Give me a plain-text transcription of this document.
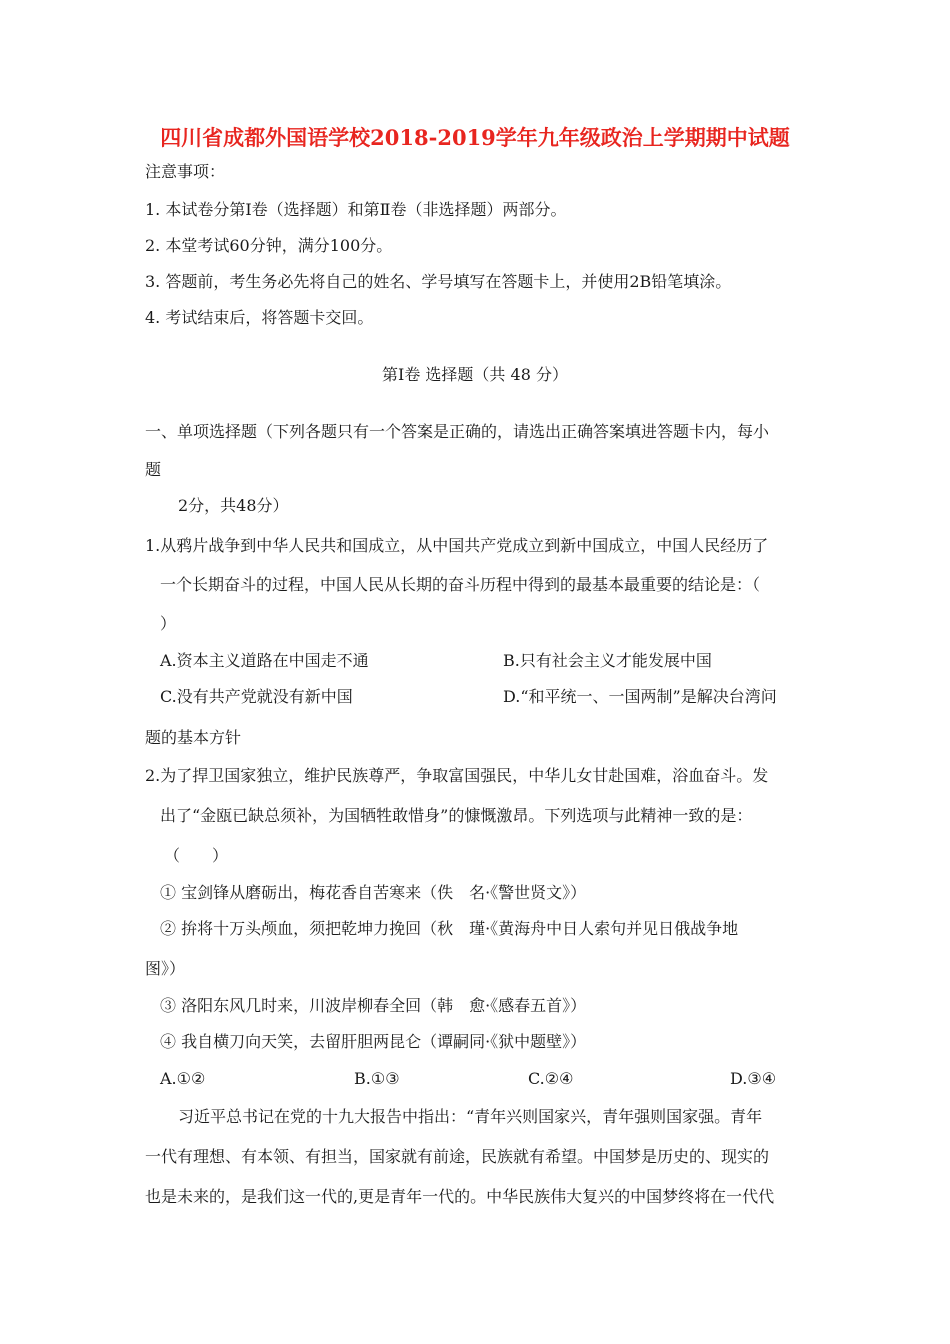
四川省成都外国语学校2018-2019学年九年级政治上学期期中试题
注意事项：
1. 本试卷分第Ⅰ卷（选择题）和第Ⅱ卷（非选择题）两部分。
2. 本堂考试60分钟，满分100分。
3. 答题前，考生务必先将自己的姓名、学号填写在答题卡上，并使用2B铅笔填涂。
4. 考试结束后，将答题卡交回。
第Ⅰ卷 选择题（共 48 分）
一、单项选择题（下列各题只有一个答案是正确的，请选出正确答案填进答题卡内，每小
题
2分，共48分）
1.从鸦片战争到中华人民共和国成立，从中国共产党成立到新中国成立，中国人民经历了
一个长期奋斗的过程，中国人民从长期的奋斗历程中得到的最基本最重要的结论是：（
）
A.资本主义道路在中国走不通	B.只有社会主义才能发展中国
C.没有共产党就没有新中国	D.“和平统一、一国两制”是解决台湾问
题的基本方针
2.为了捍卫国家独立，维护民族尊严，争取富国强民，中华儿女甘赴国难，浴血奋斗。发
出了“金瓯已缺总须补，为国牺牲敢惜身”的慷慨激昂。下列选项与此精神一致的是：
（　　）
① 宝剑锋从磨砺出，梅花香自苦寒来（佚　名·《警世贤文》）
② 拚将十万头颅血，须把乾坤力挽回（秋　瑾·《黄海舟中日人索句并见日俄战争地
图》）
③ 洛阳东风几时来，川波岸柳春全回（韩　愈·《感春五首》）
④ 我自横刀向天笑，去留肝胆两昆仑（谭嗣同·《狱中题壁》）
A.①②	B.①③	C.②④	D.③④
习近平总书记在党的十九大报告中指出：“青年兴则国家兴，青年强则国家强。青年
一代有理想、有本领、有担当，国家就有前途，民族就有希望。中国梦是历史的、现实的
也是未来的，是我们这一代的,更是青年一代的。中华民族伟大复兴的中国梦终将在一代代
